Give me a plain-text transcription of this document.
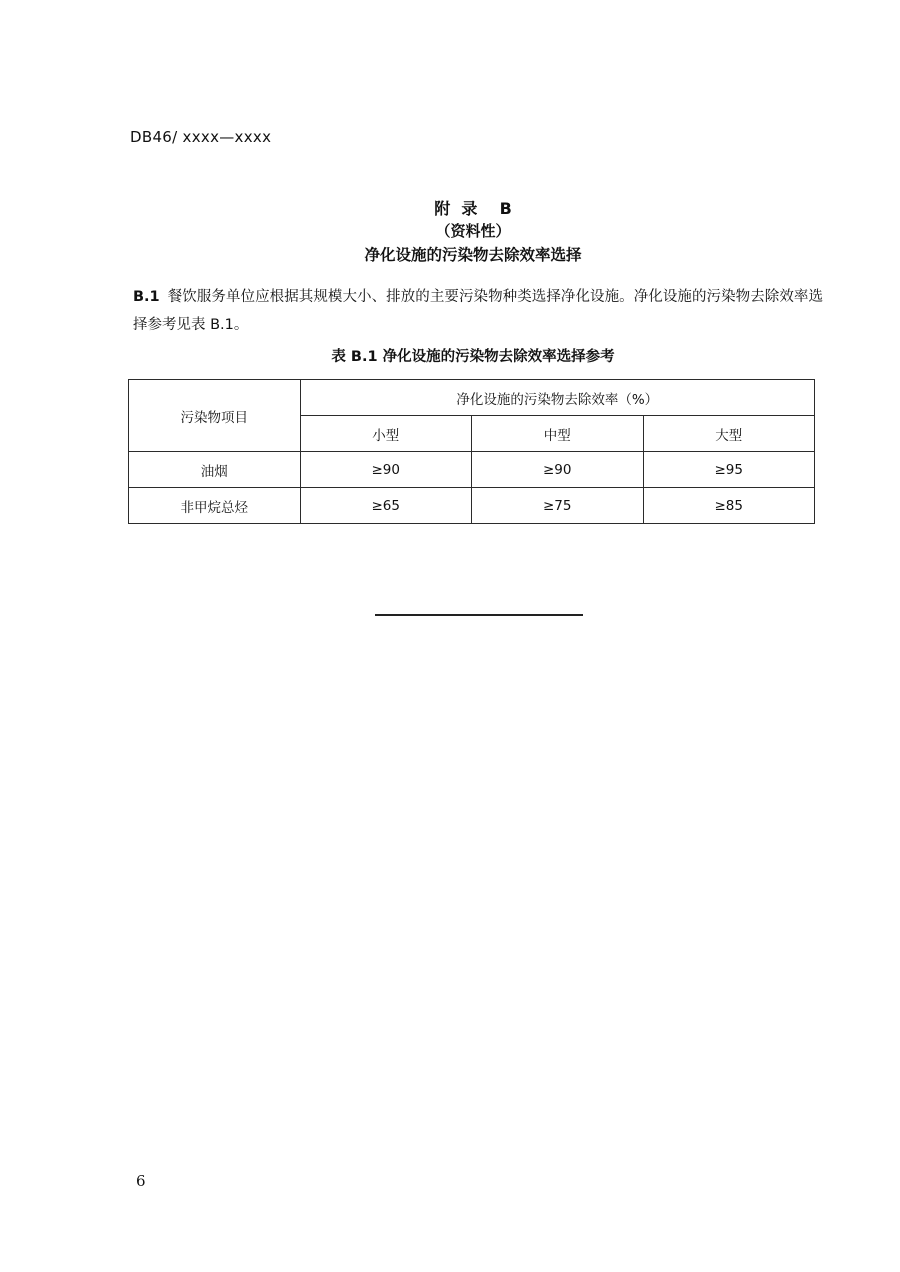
DB46/ xxxx—xxxx
附  录    B
（资料性）
净化设施的污染物去除效率选择
B.1 餐饮服务单位应根据其规模大小、排放的主要污染物种类选择净化设施。净化设施的污染物去除效率选择参考见表 B.1。
表 B.1 净化设施的污染物去除效率选择参考
污染物项目	净化设施的污染物去除效率（%）		
	小型	中型	大型
油烟	≥90	≥90	≥95
非甲烷总烃	≥65	≥75	≥85
6
